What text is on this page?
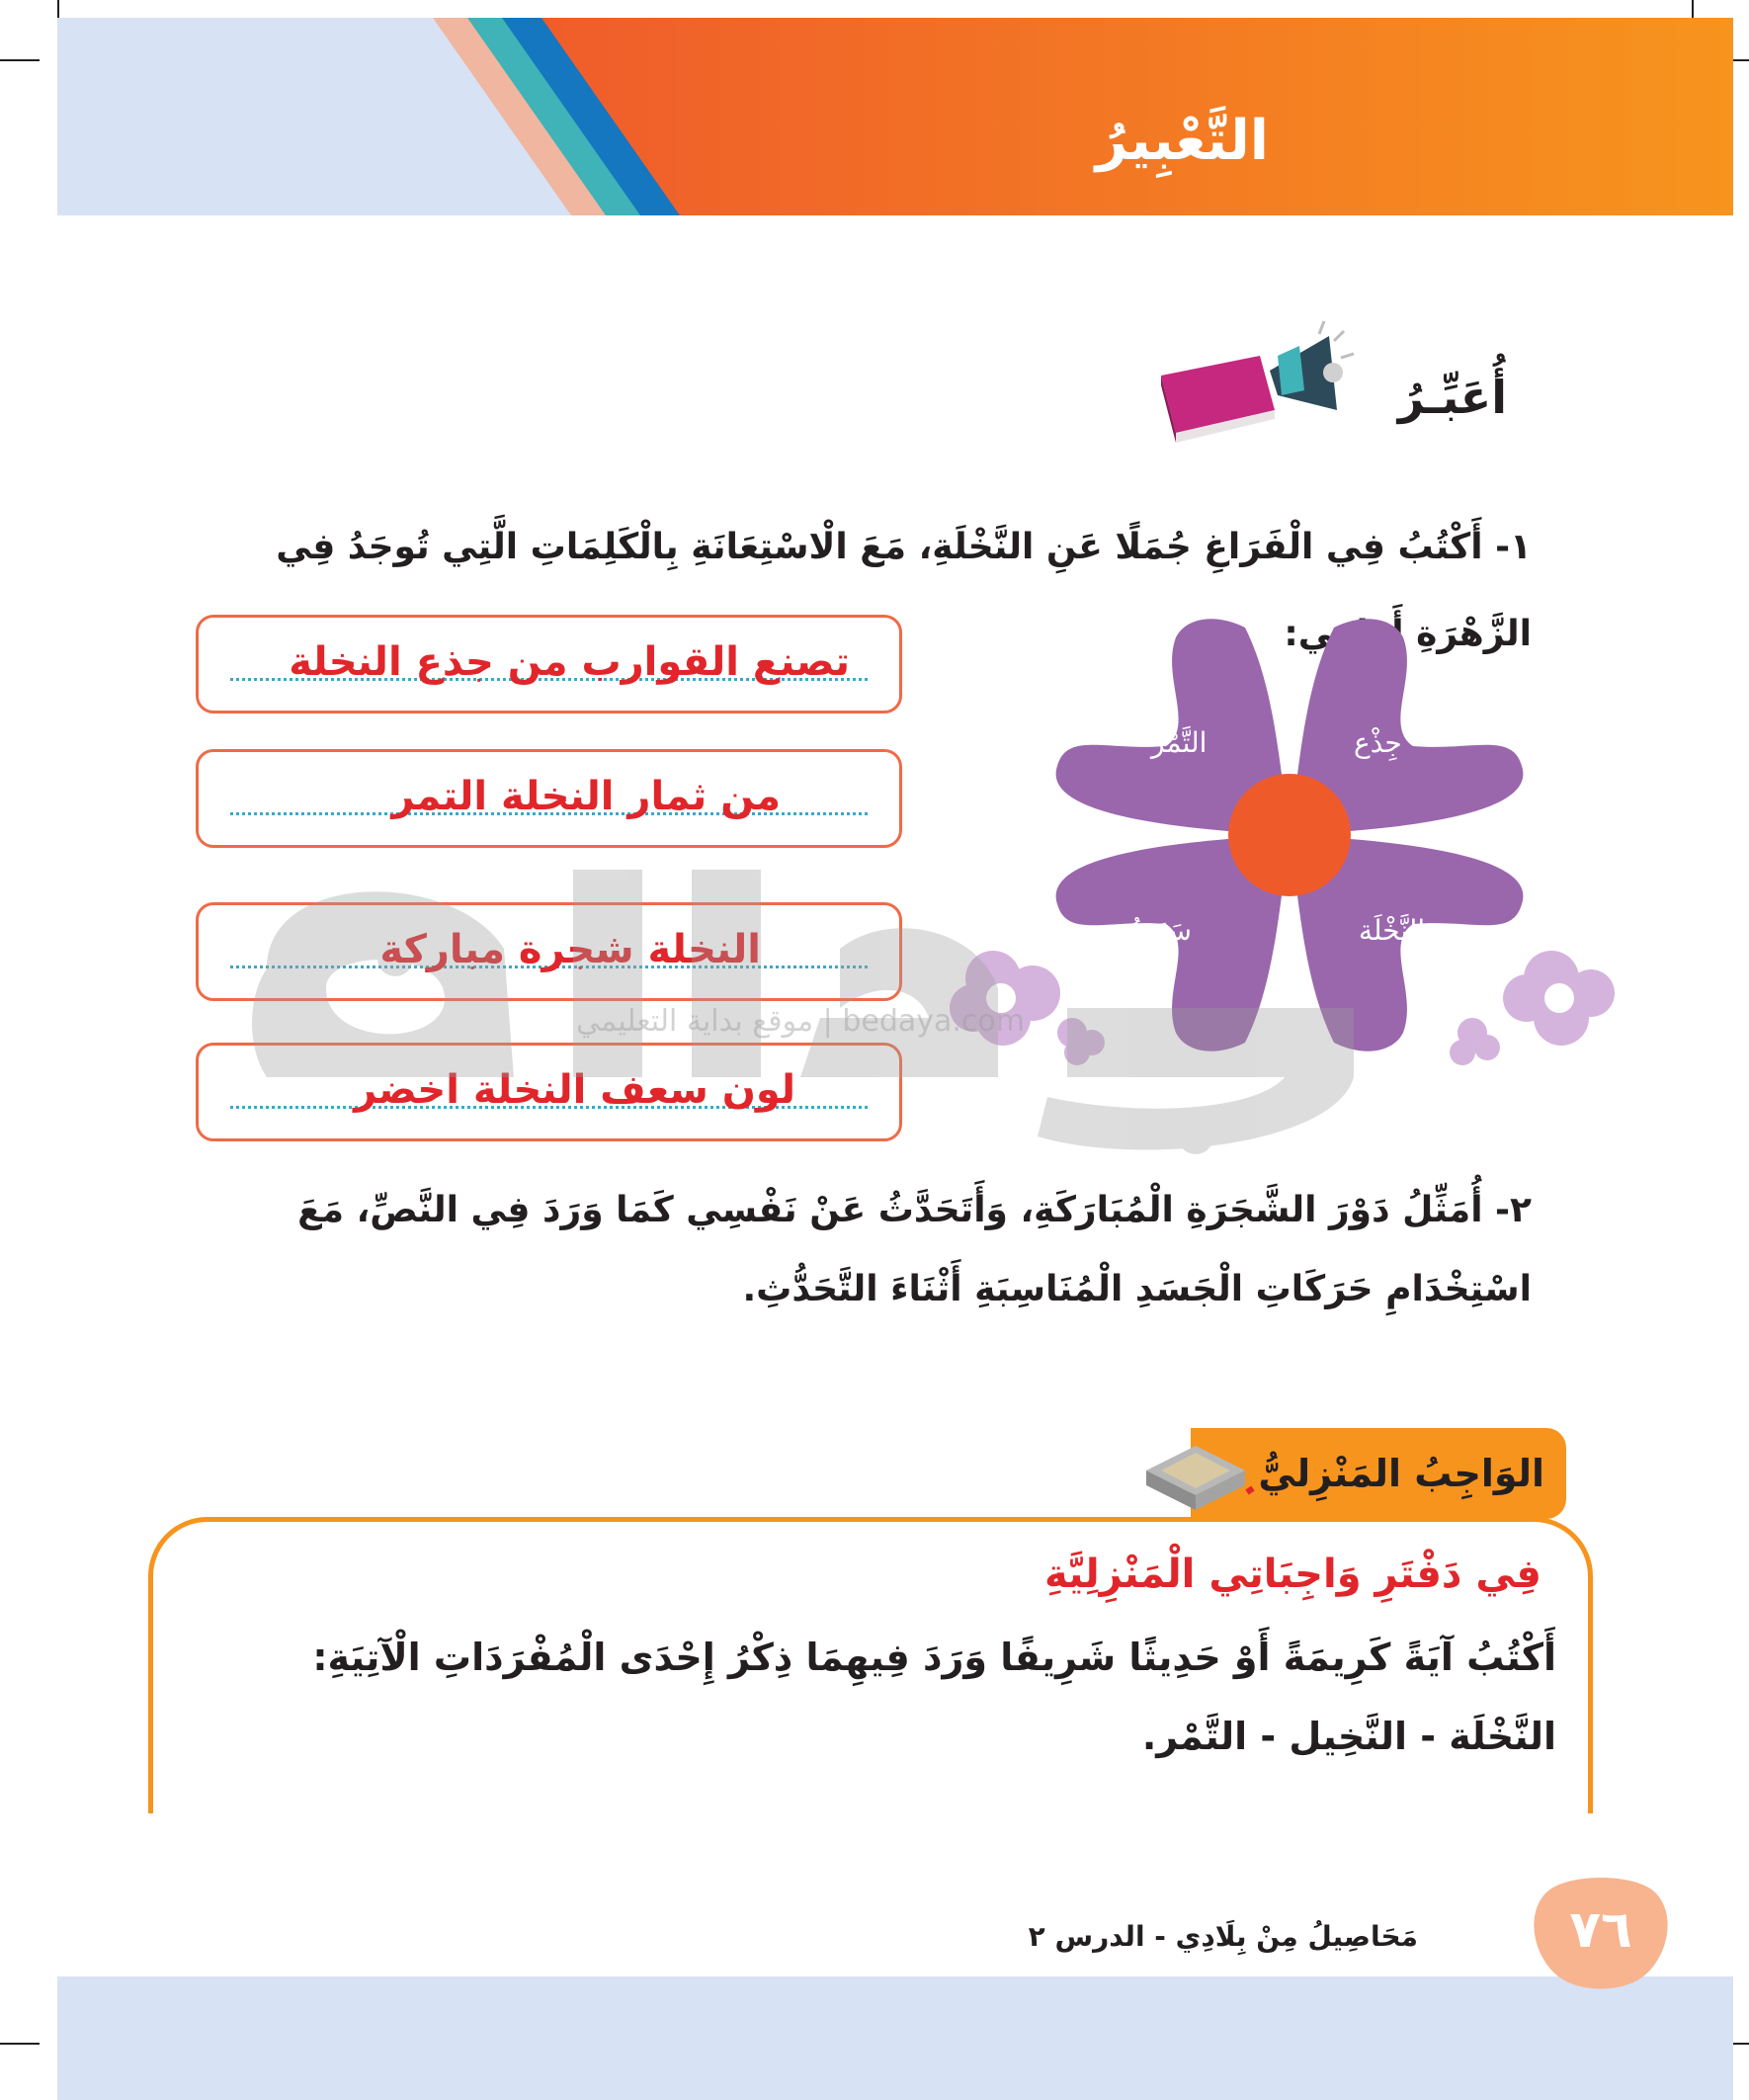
التَّعْبِيرُ
أُعَبِّـرُ
١- أَكْتُبُ فِي الْفَرَاغِ جُمَلًا عَنِ النَّخْلَةِ، مَعَ الْاسْتِعَانَةِ بِالْكَلِمَاتِ الَّتِي تُوجَدُ فِي الزَّهْرَةِ أَمَامِي:
التَّمْر	جِذْع
سَعَفُ	النَّخْلَة
تصنع القوارب من جذع النخلة
من ثمار النخلة التمر
النخلة شجرة مباركة
لون سعف النخلة اخضر
موقع بداية التعليمي | bedaya.com
٢- أُمَثِّلُ دَوْرَ الشَّجَرَةِ الْمُبَارَكَةِ، وَأَتَحَدَّثُ عَنْ نَفْسِي كَمَا وَرَدَ فِي النَّصِّ، مَعَ اسْتِخْدَامِ حَرَكَاتِ الْجَسَدِ الْمُنَاسِبَةِ أَثْنَاءَ التَّحَدُّثِ.
الوَاجِبُ المَنْزِليُّ
فِي دَفْتَرِ وَاجِبَاتِي الْمَنْزِلِيَّةِ
أَكْتُبُ آيَةً كَرِيمَةً أَوْ حَدِيثًا شَرِيفًا وَرَدَ فِيهِمَا ذِكْرُ إِحْدَى الْمُفْرَدَاتِ الْآتِيَةِ:
النَّخْلَة - النَّخِيل - التَّمْر.
٧٦
مَحَاصِيلُ مِنْ بِلَادِي - الدرس ٢
